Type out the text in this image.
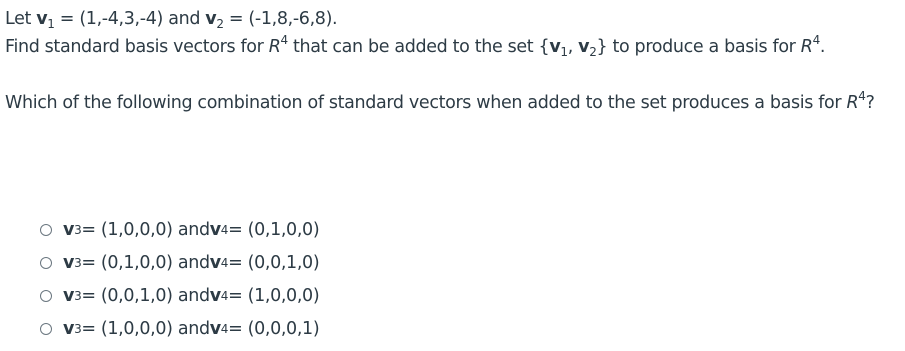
Let $v_1 = (1,-4,3,-4)$ and $v_2 = (-1,8,-6,8)$.
Find standard basis vectors for $R^4$ that can be added to the set {$v_1$, $v_2$} to produce a basis for $R^4$.
Which of the following combination of standard vectors when added to the set produces a basis for $R^4$?
v 3 = (1,0,0,0) and v 4 = (0,1,0,0)
v 3 = (0,1,0,0) and v 4 = (0,0,1,0)
v 3 = (0,0,1,0) and v 4 = (1,0,0,0)
v 3 = (1,0,0,0) and v 4 = (0,0,0,1)
